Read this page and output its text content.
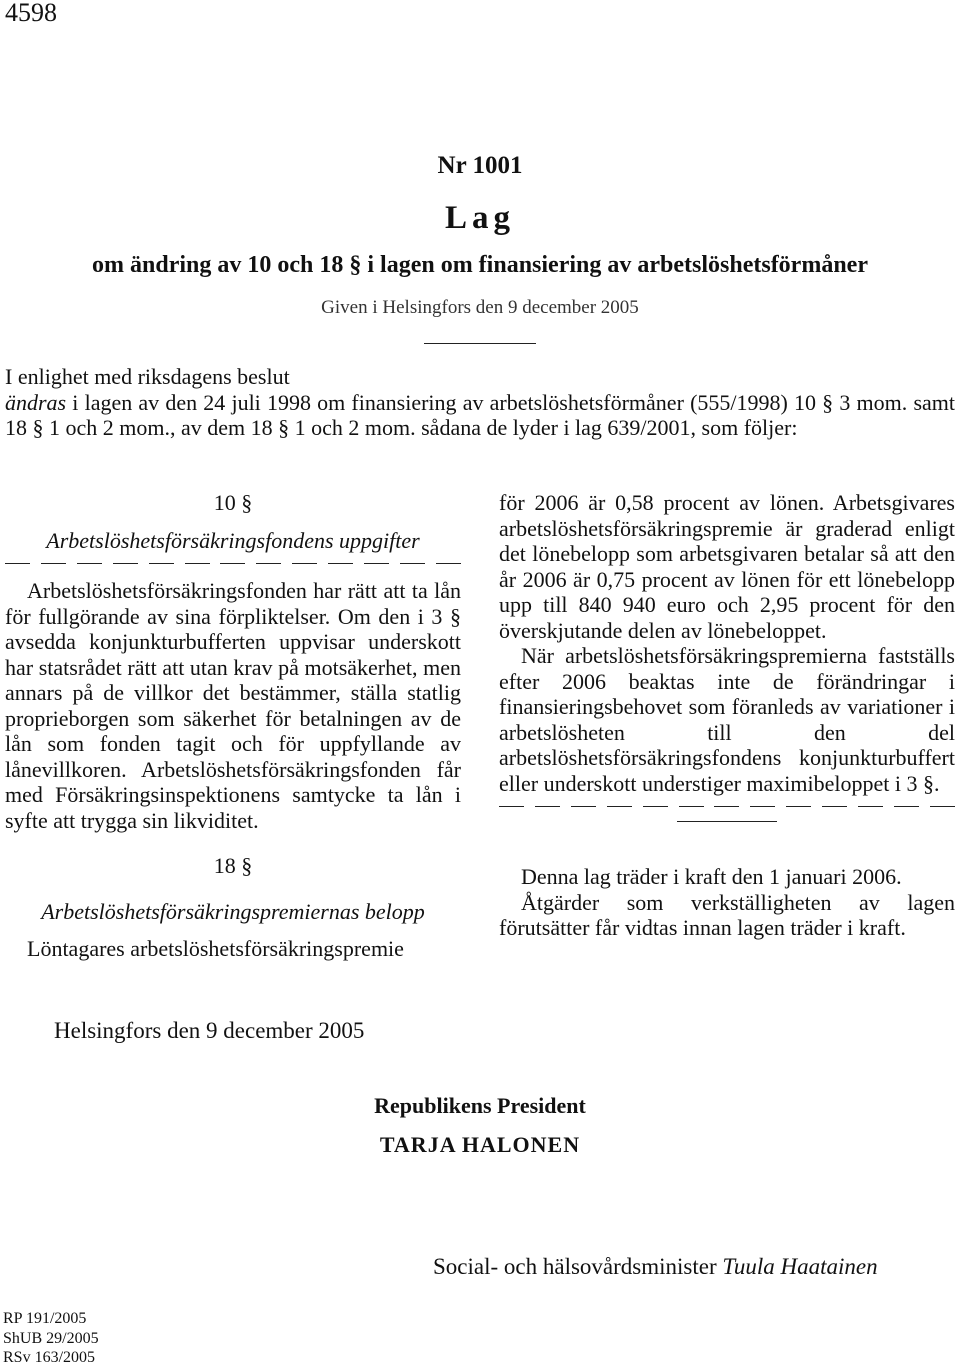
4598
Nr 1001
Lag
om ändring av 10 och 18 § i lagen om finansiering av arbetslöshetsförmåner
Given i Helsingfors den 9 december 2005

I enlighet med riksdagens beslut

ändras i lagen av den 24 juli 1998 om finansiering av arbetslöshetsförmåner (555/1998) 10 § 3 mom. samt 18 § 1 och 2 mom., av dem 18 § 1 och 2 mom. sådana de lyder i lag 639/2001, som följer:

10 §

Arbetslöshetsförsäkringsfondens uppgifter

Arbetslöshetsförsäkringsfonden har rätt att ta lån för fullgörande av sina förpliktelser. Om den i 3 § avsedda konjunkturbufferten uppvisar underskott har statsrådet rätt att utan krav på motsäkerhet, men annars på de villkor det bestämmer, ställa statlig proprieborgen som säkerhet för betalningen av de lån som fonden tagit och för uppfyllande av lånevillkoren. Arbetslöshetsförsäkringsfonden får med Försäkringsinspektionens samtycke ta lån i syfte att trygga sin likviditet.

18 §

Arbetslöshetsförsäkringspremiernas belopp

Löntagares arbetslöshetsförsäkringspremie

för 2006 är 0,58 procent av lönen. Arbetsgivares arbetslöshetsförsäkringspremie är graderad enligt det lönebelopp som arbetsgivaren betalar så att den år 2006 är 0,75 procent av lönen för ett lönebelopp upp till 840 940 euro och 2,95 procent för den överskjutande delen av lönebeloppet.

När arbetslöshetsförsäkringspremierna fastställs efter 2006 beaktas inte de förändringar i finansieringsbehovet som föranleds av variationer i arbetslösheten till den del arbetslöshetsförsäkringsfondens konjunkturbuffert eller underskott understiger maximibeloppet i 3 §.

Denna lag träder i kraft den 1 januari 2006.

Åtgärder som verkställigheten av lagen förutsätter får vidtas innan lagen träder i kraft.

Helsingfors den 9 december 2005
Republikens President
TARJA HALONEN
Social- och hälsovårdsminister Tuula Haatainen
RP 191/2005
ShUB 29/2005
RSv 163/2005
